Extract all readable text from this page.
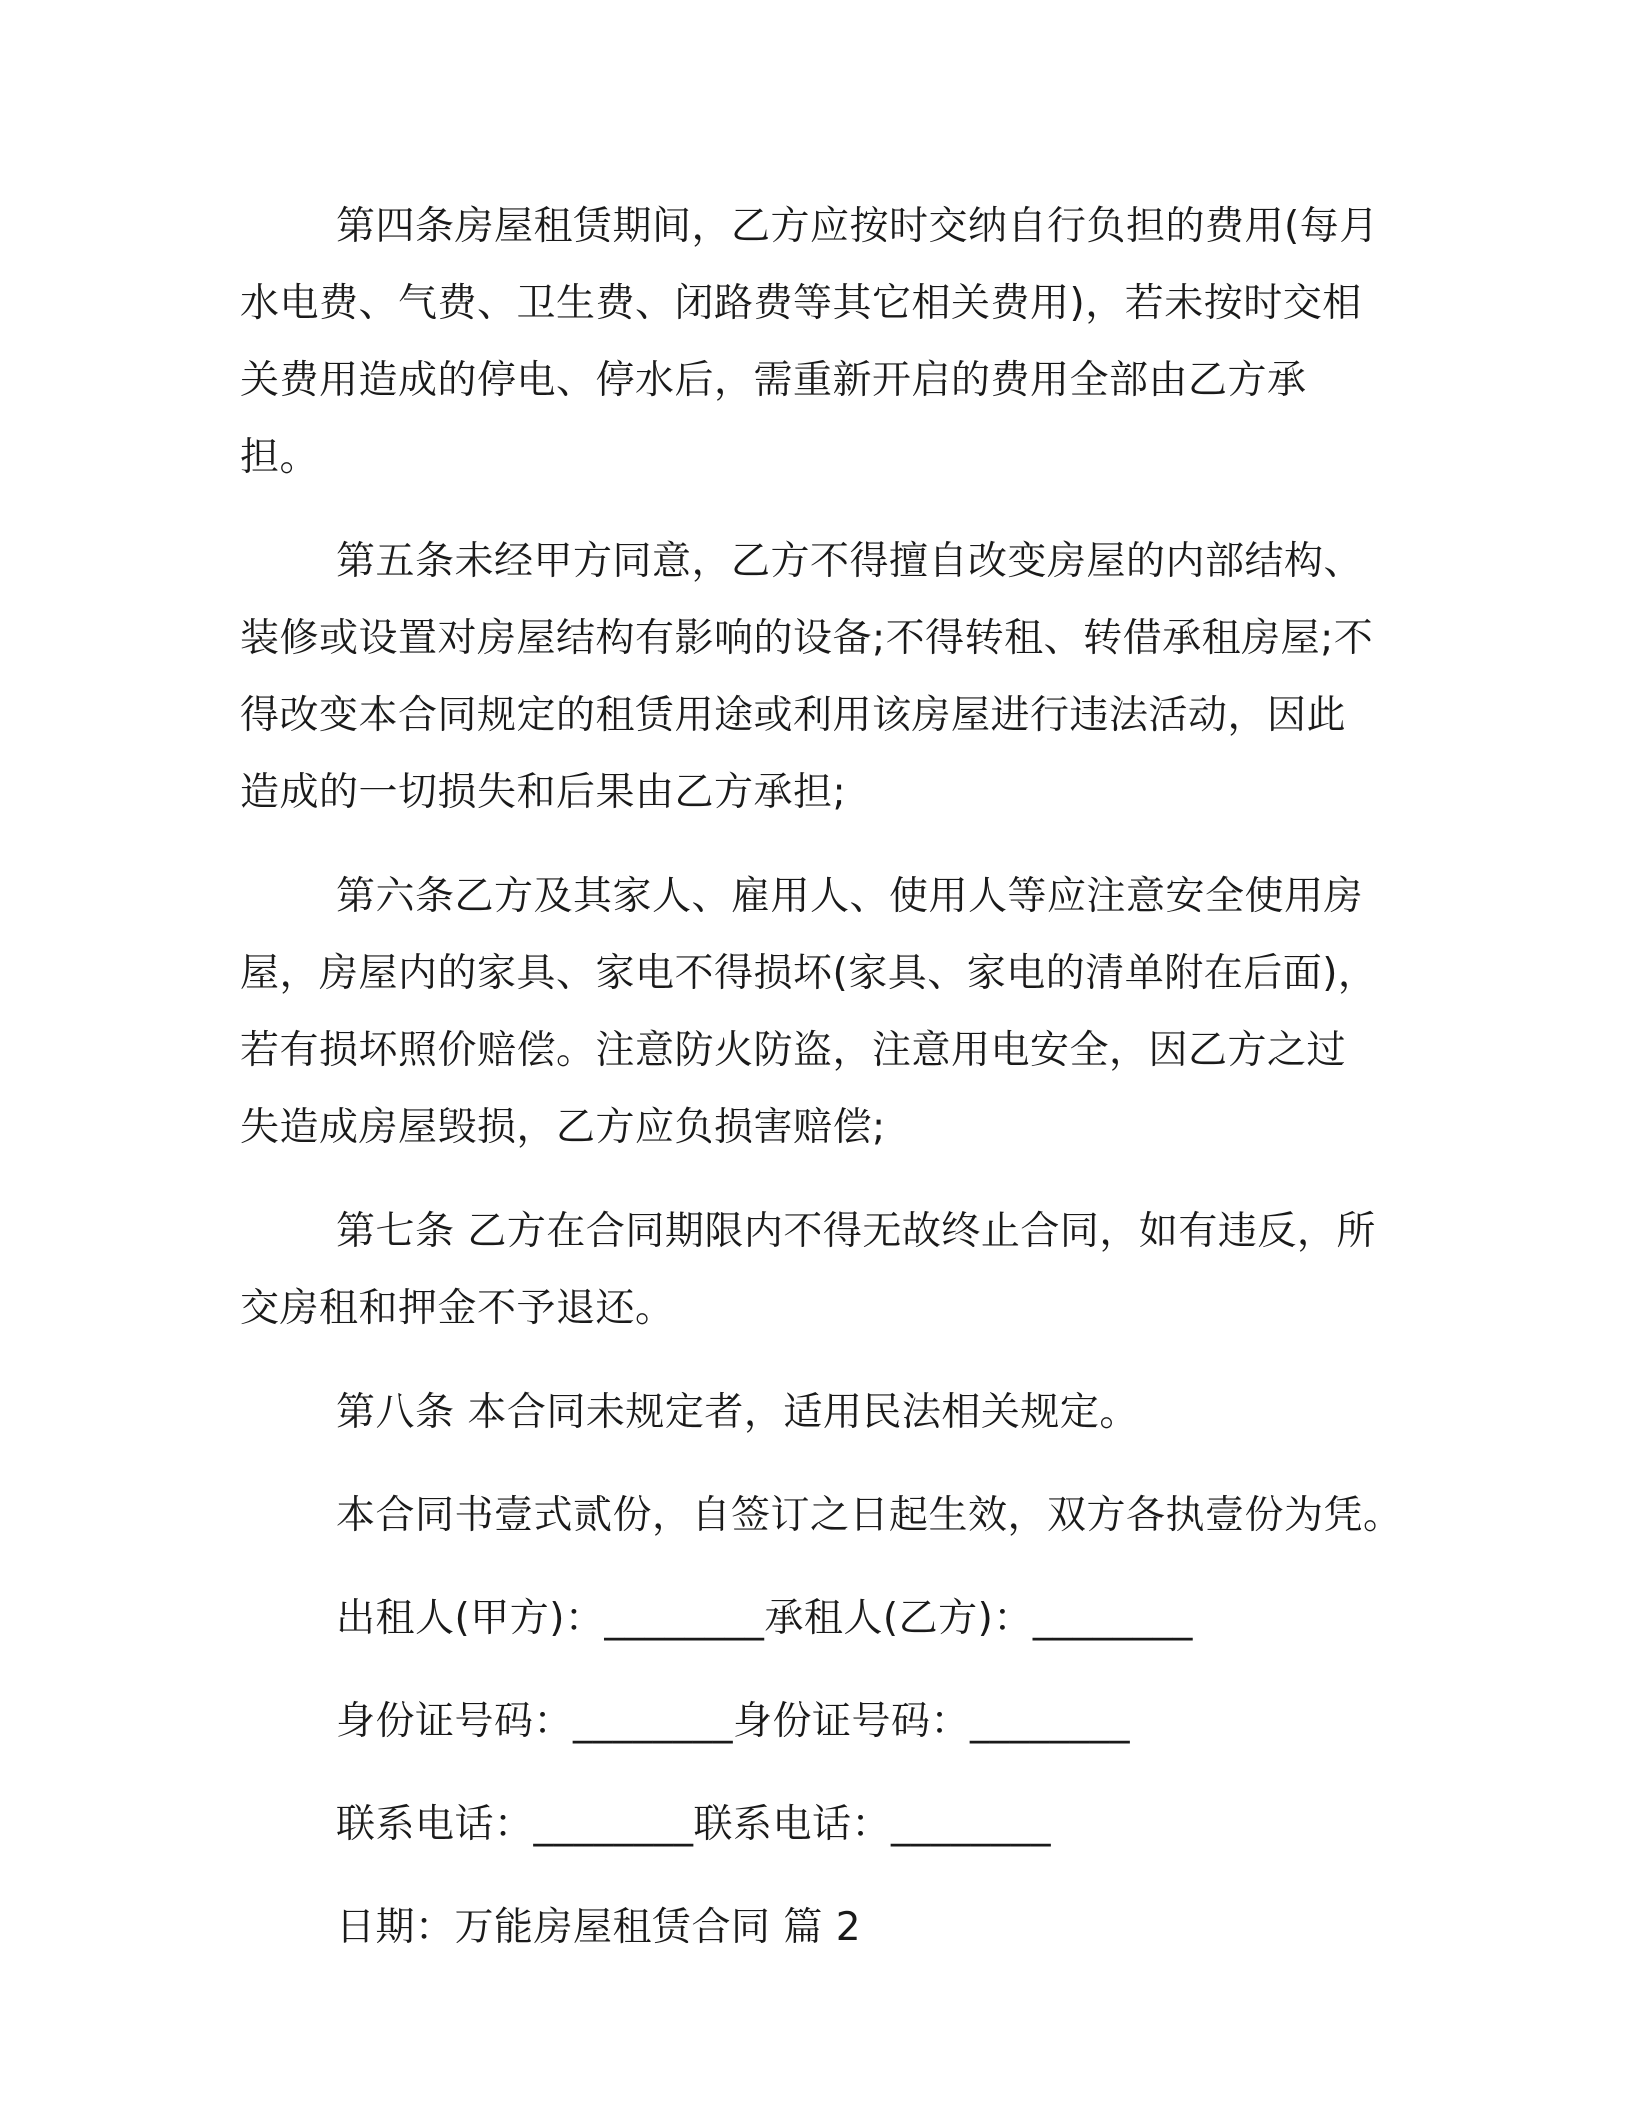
第四条房屋租赁期间，乙方应按时交纳自行负担的费用(每月水电费、气费、卫生费、闭路费等其它相关费用)，若未按时交相关费用造成的停电、停水后，需重新开启的费用全部由乙方承担。

第五条未经甲方同意，乙方不得擅自改变房屋的内部结构、装修或设置对房屋结构有影响的设备;不得转租、转借承租房屋;不得改变本合同规定的租赁用途或利用该房屋进行违法活动，因此造成的一切损失和后果由乙方承担;

第六条乙方及其家人、雇用人、使用人等应注意安全使用房屋，房屋内的家具、家电不得损坏(家具、家电的清单附在后面)，若有损坏照价赔偿。注意防火防盗，注意用电安全，因乙方之过失造成房屋毁损，乙方应负损害赔偿;

第七条 乙方在合同期限内不得无故终止合同，如有违反，所交房租和押金不予退还。

第八条 本合同未规定者，适用民法相关规定。

本合同书壹式贰份，自签订之日起生效，双方各执壹份为凭。

出租人(甲方)：________承租人(乙方)：________

身份证号码：________身份证号码：________

联系电话：________联系电话：________

日期：万能房屋租赁合同 篇 2
